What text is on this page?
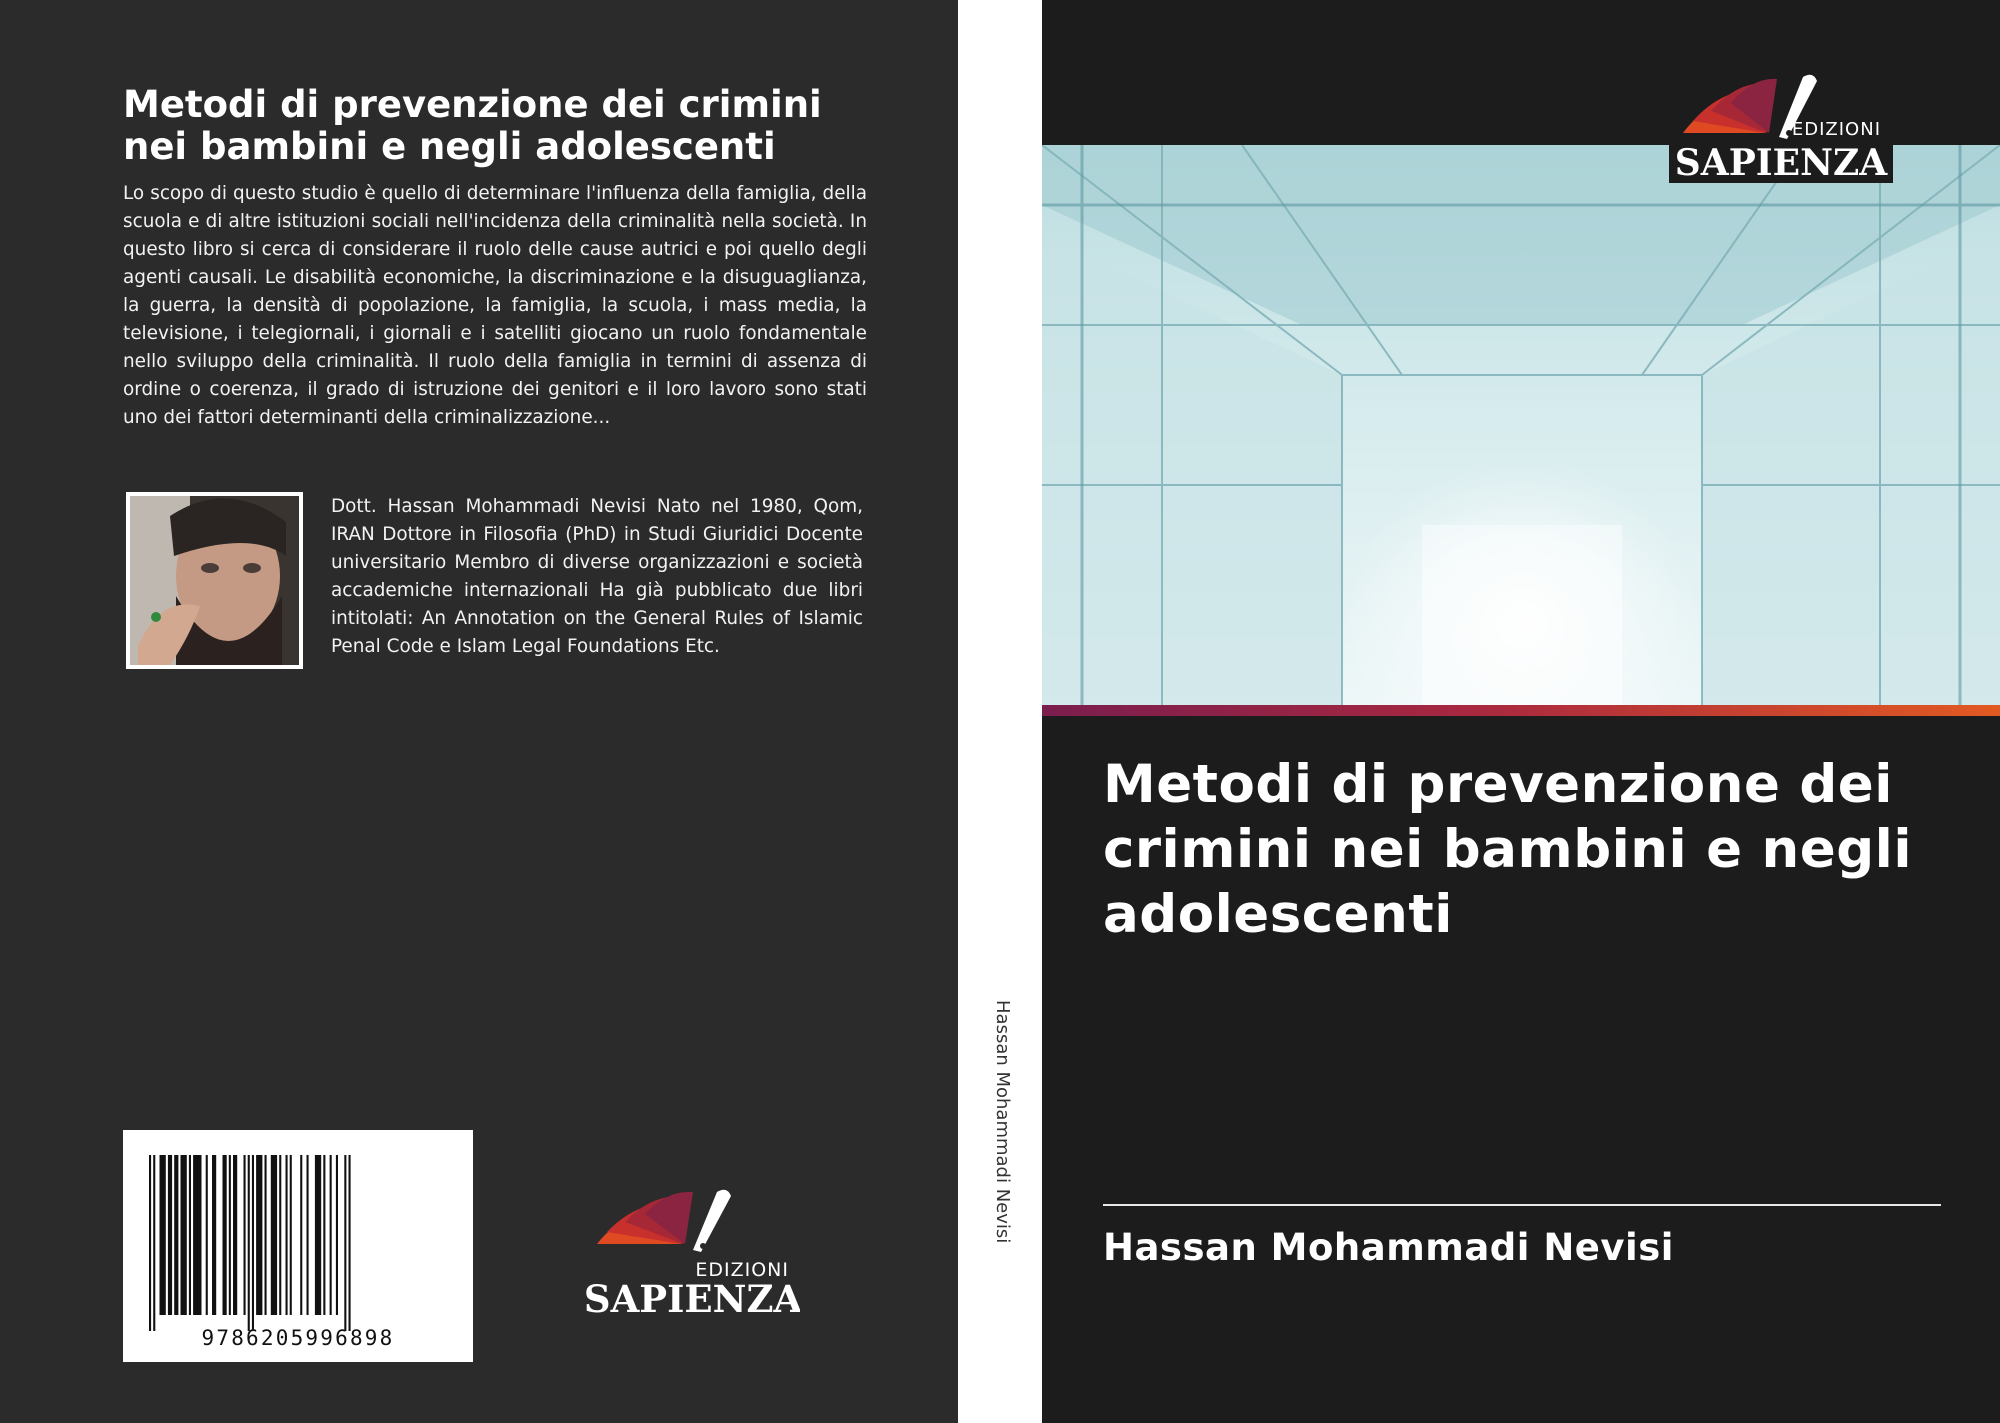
Metodi di prevenzione dei crimini nei bambini e negli adolescenti

Lo scopo di questo studio è quello di determinare l'influenza della famiglia, della scuola e di altre istituzioni sociali nell'incidenza della criminalità nella società. In questo libro si cerca di considerare il ruolo delle cause autrici e poi quello degli agenti causali. Le disabilità economiche, la discriminazione e la disuguaglianza, la guerra, la densità di popolazione, la famiglia, la scuola, i mass media, la televisione, i telegiornali, i giornali e i satelliti giocano un ruolo fondamentale nello sviluppo della criminalità. Il ruolo della famiglia in termini di assenza di ordine o coerenza, il grado di istruzione dei genitori e il loro lavoro sono stati uno dei fattori determinanti della criminalizzazione...

Dott. Hassan Mohammadi Nevisi Nato nel 1980, Qom, IRAN Dottore in Filosofia (PhD) in Studi Giuridici Docente universitario Membro di diverse organizzazioni e società accademiche internazionali Ha già pubblicato due libri intitolati: An Annotation on the General Rules of Islamic Penal Code e Islam Legal Foundations Etc.

9786205996898
EDIZIONI
SAPIENZA
Hassan Mohammadi Nevisi
EDIZIONI
SAPIENZA
Metodi di prevenzione dei crimini nei bambini e negli adolescenti

Hassan Mohammadi Nevisi
